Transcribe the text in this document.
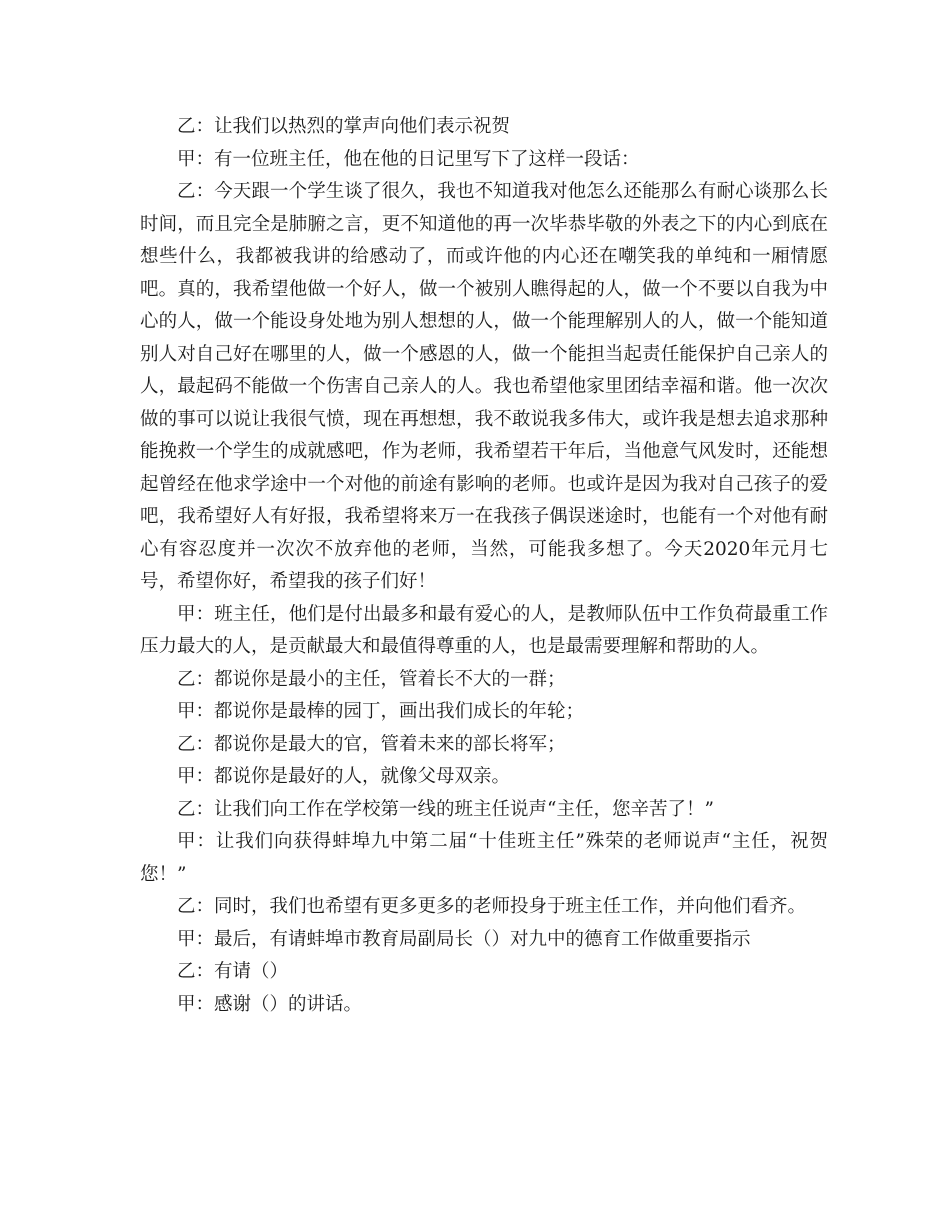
乙：让我们以热烈的掌声向他们表示祝贺

甲：有一位班主任，他在他的日记里写下了这样一段话：

乙：今天跟一个学生谈了很久，我也不知道我对他怎么还能那么有耐心谈那么长时间，而且完全是肺腑之言，更不知道他的再一次毕恭毕敬的外表之下的内心到底在想些什么，我都被我讲的给感动了，而或许他的内心还在嘲笑我的单纯和一厢情愿吧。真的，我希望他做一个好人，做一个被别人瞧得起的人，做一个不要以自我为中心的人，做一个能设身处地为别人想想的人，做一个能理解别人的人，做一个能知道别人对自己好在哪里的人，做一个感恩的人，做一个能担当起责任能保护自己亲人的人，最起码不能做一个伤害自己亲人的人。我也希望他家里团结幸福和谐。他一次次做的事可以说让我很气愤，现在再想想，我不敢说我多伟大，或许我是想去追求那种能挽救一个学生的成就感吧，作为老师，我希望若干年后，当他意气风发时，还能想起曾经在他求学途中一个对他的前途有影响的老师。也或许是因为我对自己孩子的爱吧，我希望好人有好报，我希望将来万一在我孩子偶误迷途时，也能有一个对他有耐心有容忍度并一次次不放弃他的老师，当然，可能我多想了。今天2020年元月七号，希望你好，希望我的孩子们好！

甲：班主任，他们是付出最多和最有爱心的人，是教师队伍中工作负荷最重工作压力最大的人，是贡献最大和最值得尊重的人，也是最需要理解和帮助的人。

乙：都说你是最小的主任，管着长不大的一群；

甲：都说你是最棒的园丁，画出我们成长的年轮；

乙：都说你是最大的官，管着未来的部长将军；

甲：都说你是最好的人，就像父母双亲。

乙：让我们向工作在学校第一线的班主任说声“主任，您辛苦了！”

甲：让我们向获得蚌埠九中第二届“十佳班主任”殊荣的老师说声“主任，祝贺您！”

乙：同时，我们也希望有更多更多的老师投身于班主任工作，并向他们看齐。

甲：最后，有请蚌埠市教育局副局长（）对九中的德育工作做重要指示

乙：有请（）

甲：感谢（）的讲话。
